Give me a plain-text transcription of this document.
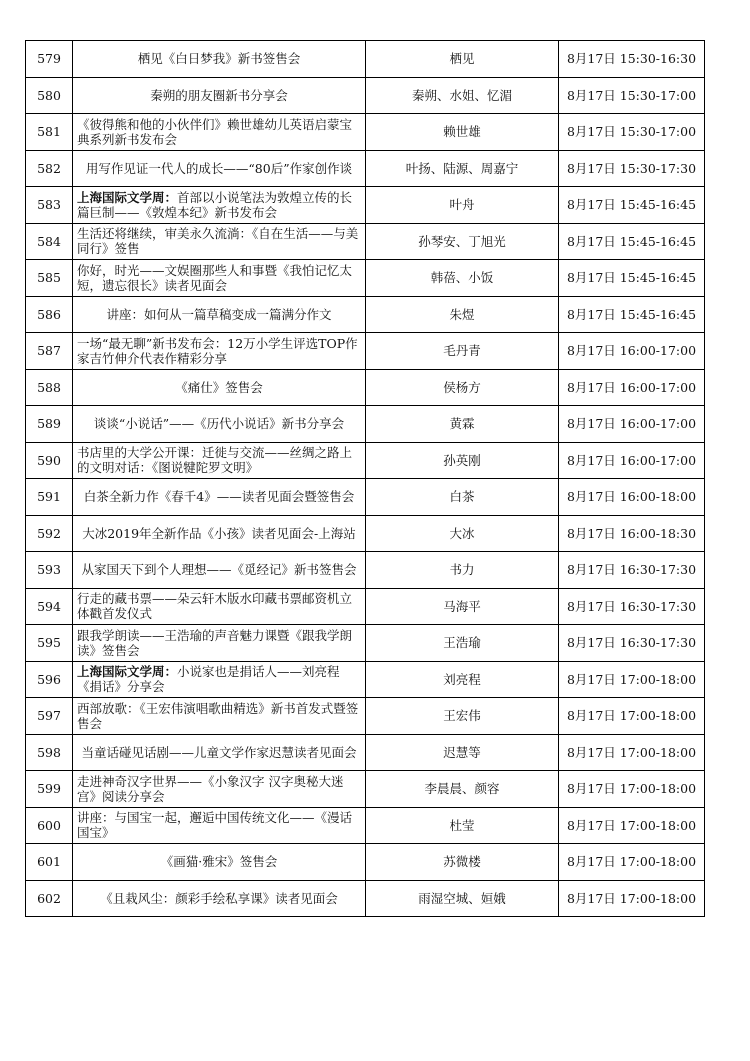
579	栖见《白日梦我》新书签售会	栖见	8月17日 15:30-16:30
580	秦朔的朋友圈新书分享会	秦朔、水姐、忆湄	8月17日 15:30-17:00
581	《彼得熊和他的小伙伴们》赖世雄幼儿英语启蒙宝典系列新书发布会	赖世雄	8月17日 15:30-17:00
582	用写作见证一代人的成长——“80后”作家创作谈	叶扬、陆源、周嘉宁	8月17日 15:30-17:30
583	上海国际文学周：首部以小说笔法为敦煌立传的长篇巨制——《敦煌本纪》新书发布会	叶舟	8月17日 15:45-16:45
584	生活还将继续，审美永久流淌：《自在生活——与美同行》签售	孙琴安、丁旭光	8月17日 15:45-16:45
585	你好，时光——文娱圈那些人和事暨《我怕记忆太短，遗忘很长》读者见面会	韩蓓、小饭	8月17日 15:45-16:45
586	讲座：如何从一篇草稿变成一篇满分作文	朱煜	8月17日 15:45-16:45
587	一场“最无聊”新书发布会：12万小学生评选TOP作家吉竹伸介代表作精彩分享	毛丹青	8月17日 16:00-17:00
588	《痛仕》签售会	侯杨方	8月17日 16:00-17:00
589	谈谈“小说话”——《历代小说话》新书分享会	黄霖	8月17日 16:00-17:00
590	书店里的大学公开课：迁徙与交流——丝绸之路上的文明对话：《图说犍陀罗文明》	孙英刚	8月17日 16:00-17:00
591	白茶全新力作《春千4》——读者见面会暨签售会	白茶	8月17日 16:00-18:00
592	大冰2019年全新作品《小孩》读者见面会-上海站	大冰	8月17日 16:00-18:30
593	从家国天下到个人理想——《觅经记》新书签售会	书力	8月17日 16:30-17:30
594	行走的藏书票——朵云轩木版水印藏书票邮资机立体戳首发仪式	马海平	8月17日 16:30-17:30
595	跟我学朗读——王浩瑜的声音魅力课暨《跟我学朗读》签售会	王浩瑜	8月17日 16:30-17:30
596	上海国际文学周：小说家也是捐话人——刘亮程《捐话》分享会	刘亮程	8月17日 17:00-18:00
597	西部放歌：《王宏伟演唱歌曲精选》新书首发式暨签售会	王宏伟	8月17日 17:00-18:00
598	当童话碰见话剧——儿童文学作家迟慧读者见面会	迟慧等	8月17日 17:00-18:00
599	走进神奇汉字世界——《小象汉字 汉字奥秘大迷宫》阅读分享会	李晨晨、颜容	8月17日 17:00-18:00
600	讲座：与国宝一起，邂逅中国传统文化——《漫话国宝》	杜莹	8月17日 17:00-18:00
601	《画猫·雅宋》签售会	苏微楼	8月17日 17:00-18:00
602	《且栽风尘：颜彩手绘私享课》读者见面会	雨湿空城、姮娥	8月17日 17:00-18:00
